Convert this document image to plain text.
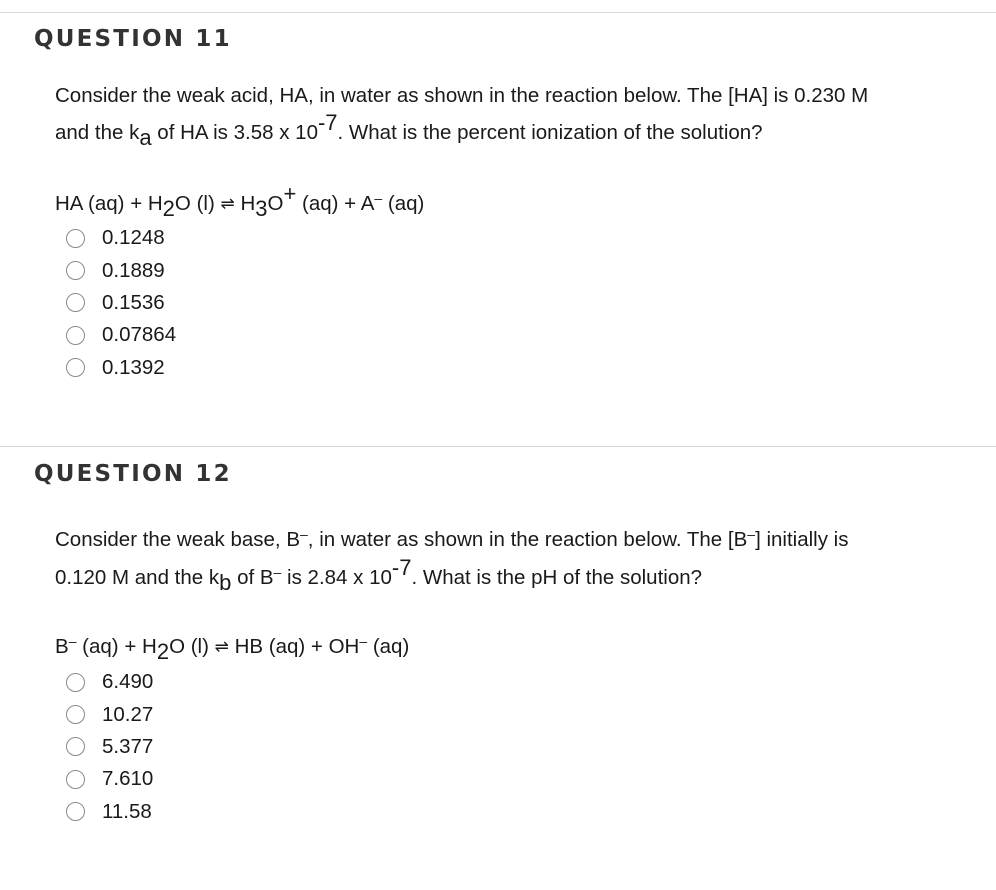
QUESTION 11

Consider the weak acid, HA, in water as shown in the reaction below. The [HA] is 0.230 M
and the ka of HA is 3.58 x 10-7. What is the percent ionization of the solution?

HA (aq) + H2O (l) ⇌ H3O+ (aq) + A– (aq)
0.1248
0.1889
0.1536
0.07864
0.1392
QUESTION 12

Consider the weak base, B–, in water as shown in the reaction below. The [B–] initially is
0.120 M and the kb of B– is 2.84 x 10-7. What is the pH of the solution?

B– (aq) + H2O (l) ⇌ HB (aq) + OH– (aq)
6.490
10.27
5.377
7.610
11.58
